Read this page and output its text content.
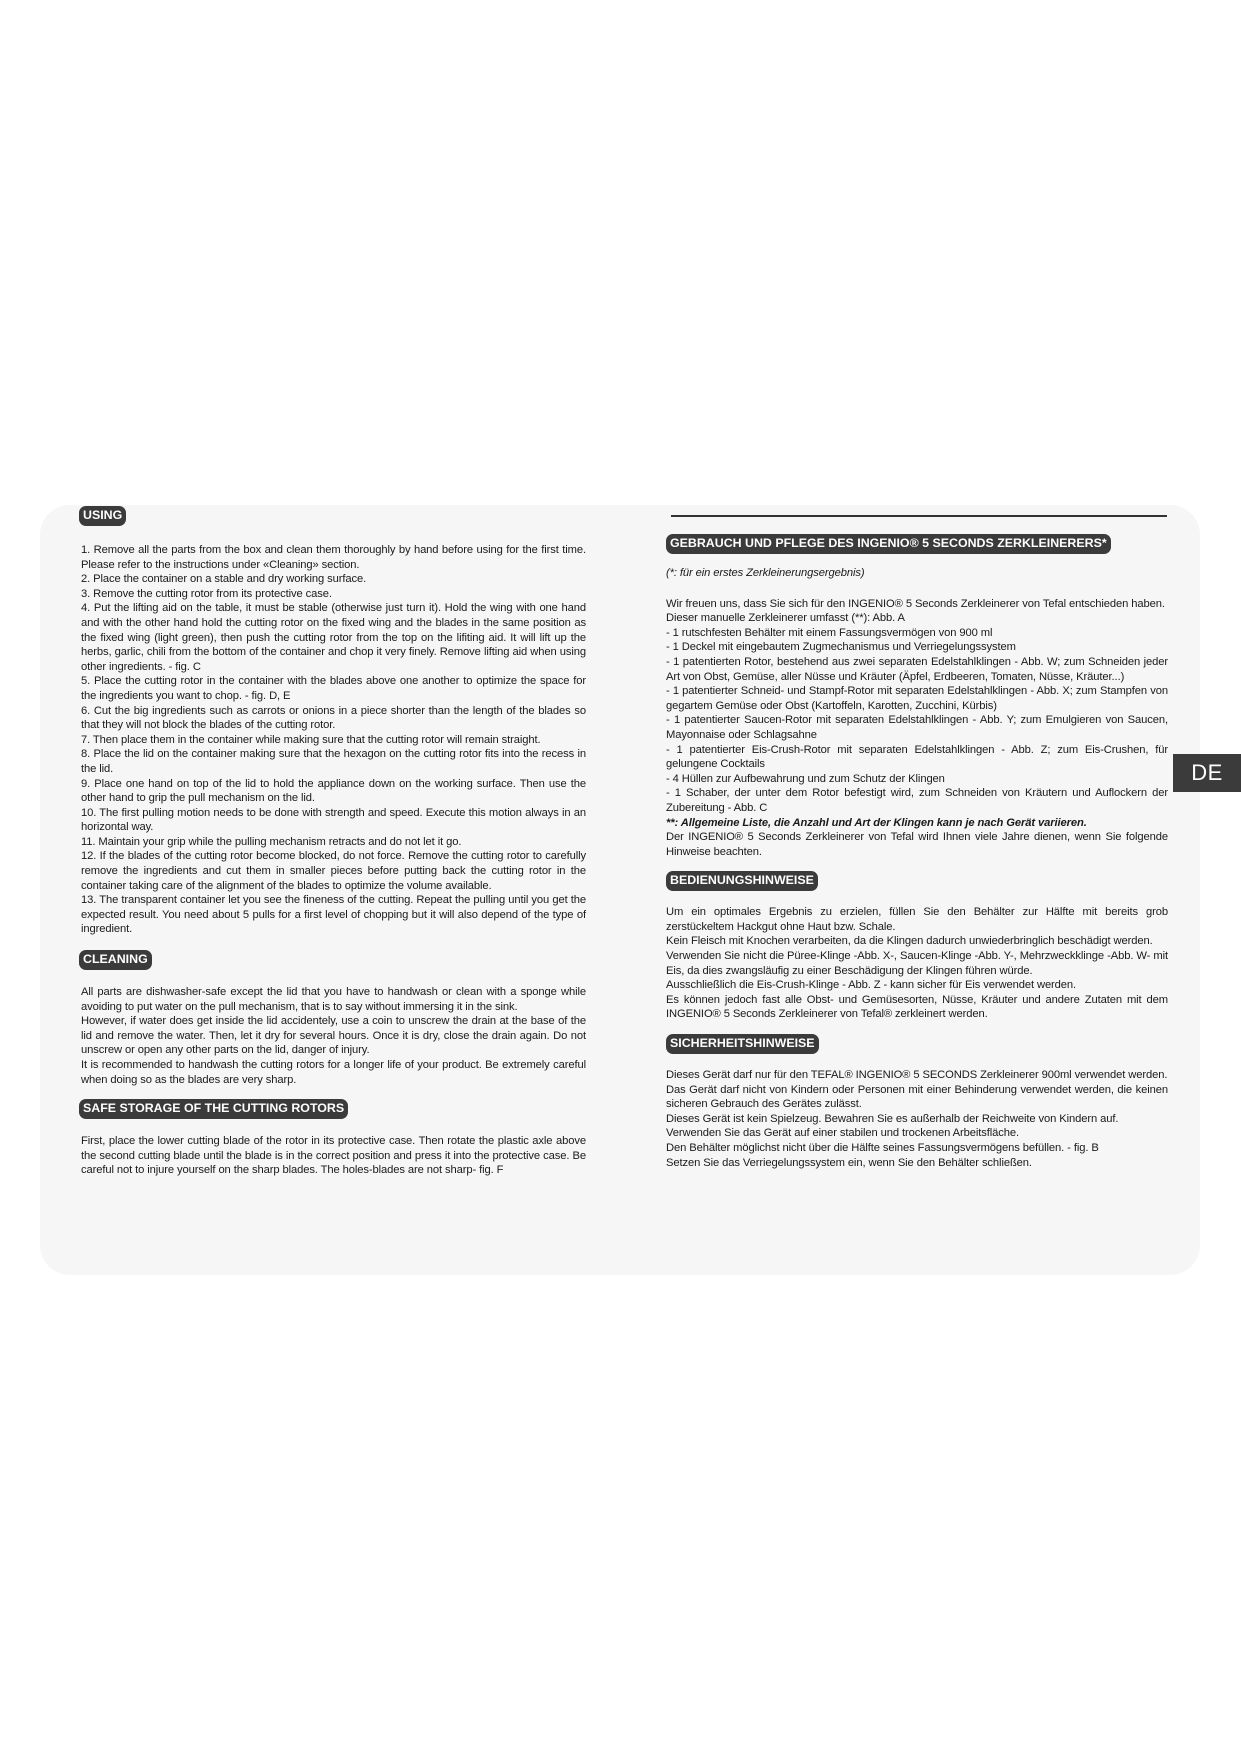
USING

1. Remove all the parts from the box and clean them thoroughly by hand before using for the first time. Please refer to the instructions under «Cleaning» section.

2. Place the container on a stable and dry working surface.

3. Remove the cutting rotor from its protective case.

4. Put the lifting aid on the table, it must be stable (otherwise just turn it). Hold the wing with one hand and with the other hand hold the cutting rotor on the fixed wing and the blades in the same position as the fixed wing (light green), then push the cutting rotor from the top on the lifiting aid. It will lift up the herbs, garlic, chili from the bottom of the container and chop it very finely. Remove lifting aid when using other ingredients. - fig. C

5. Place the cutting rotor in the container with the blades above one another to optimize the space for the ingredients you want to chop. - fig. D, E

6. Cut the big ingredients such as carrots or onions in a piece shorter than the length of the blades so that they will not block the blades of the cutting rotor.

7. Then place them in the container while making sure that the cutting rotor will remain straight.

8. Place the lid on the container making sure that the hexagon on the cutting rotor fits into the recess in the lid.

9. Place one hand on top of the lid to hold the appliance down on the working surface. Then use the other hand to grip the pull mechanism on the lid.

10. The first pulling motion needs to be done with strength and speed. Execute this motion always in an horizontal way.

11. Maintain your grip while the pulling mechanism retracts and do not let it go.

12. If the blades of the cutting rotor become blocked, do not force. Remove the cutting rotor to carefully remove the ingredients and cut them in smaller pieces before putting back the cutting rotor in the container taking care of the alignment of the blades to optimize the volume available.

13. The transparent container let you see the fineness of the cutting. Repeat the pulling until you get the expected result. You need about 5 pulls for a first level of chopping but it will also depend of the type of ingredient.

CLEANING

All parts are dishwasher-safe except the lid that you have to handwash or clean with a sponge while avoiding to put water on the pull mechanism, that is to say without immersing it in the sink.

However, if water does get inside the lid accidentely, use a coin to unscrew the drain at the base of the lid and remove the water. Then, let it dry for several hours. Once it is dry, close the drain again. Do not unscrew or open any other parts on the lid, danger of injury.

It is recommended to handwash the cutting rotors for a longer life of your product. Be extremely careful when doing so as the blades are very sharp.

SAFE STORAGE OF THE CUTTING ROTORS

First, place the lower cutting blade of the rotor in its protective case. Then rotate the plastic axle above the second cutting blade until the blade is in the correct position and press it into the protective case. Be careful not to injure yourself on the sharp blades. The holes-blades are not sharp- fig. F

GEBRAUCH UND PFLEGE DES INGENIO® 5 SECONDS ZERKLEINERERS*

(*: für ein erstes Zerkleinerungsergebnis)

Wir freuen uns, dass Sie sich für den INGENIO® 5 Seconds Zerkleinerer von Tefal entschieden haben.

Dieser manuelle Zerkleinerer umfasst (**): Abb. A

- 1 rutschfesten Behälter mit einem Fassungsvermögen von 900 ml

- 1 Deckel mit eingebautem Zugmechanismus und Verriegelungssystem

- 1 patentierten Rotor, bestehend aus zwei separaten Edelstahlklingen - Abb. W; zum Schneiden jeder Art von Obst, Gemüse, aller Nüsse und Kräuter (Äpfel, Erdbeeren, Tomaten, Nüsse, Kräuter...)

- 1 patentierter Schneid- und Stampf-Rotor mit separaten Edelstahlklingen - Abb. X; zum Stampfen von gegartem Gemüse oder Obst (Kartoffeln, Karotten, Zucchini, Kürbis)

- 1 patentierter Saucen-Rotor mit separaten Edelstahlklingen - Abb. Y; zum Emulgieren von Saucen, Mayonnaise oder Schlagsahne

- 1 patentierter Eis-Crush-Rotor mit separaten Edelstahlklingen - Abb. Z; zum Eis-Crushen, für gelungene Cocktails

- 4 Hüllen zur Aufbewahrung und zum Schutz der Klingen

- 1 Schaber, der unter dem Rotor befestigt wird, zum Schneiden von Kräutern und Auflockern der Zubereitung - Abb. C

**: Allgemeine Liste, die Anzahl und Art der Klingen kann je nach Gerät variieren.

Der INGENIO® 5 Seconds Zerkleinerer von Tefal wird Ihnen viele Jahre dienen, wenn Sie folgende Hinweise beachten.

BEDIENUNGSHINWEISE

Um ein optimales Ergebnis zu erzielen, füllen Sie den Behälter zur Hälfte mit bereits grob zerstückeltem Hackgut ohne Haut bzw. Schale.

Kein Fleisch mit Knochen verarbeiten, da die Klingen dadurch unwiederbringlich beschädigt werden.

Verwenden Sie nicht die Püree-Klinge -Abb. X-, Saucen-Klinge -Abb. Y-, Mehrzweckklinge -Abb. W- mit Eis, da dies zwangsläufig zu einer Beschädigung der Klingen führen würde.

Ausschließlich die Eis-Crush-Klinge - Abb. Z - kann sicher für Eis verwendet werden.

Es können jedoch fast alle Obst- und Gemüsesorten, Nüsse, Kräuter und andere Zutaten mit dem INGENIO® 5 Seconds Zerkleinerer von Tefal® zerkleinert werden.

SICHERHEITSHINWEISE

Dieses Gerät darf nur für den TEFAL® INGENIO® 5 SECONDS Zerkleinerer 900ml verwendet werden.

Das Gerät darf nicht von Kindern oder Personen mit einer Behinderung verwendet werden, die keinen sicheren Gebrauch des Gerätes zulässt.

Dieses Gerät ist kein Spielzeug. Bewahren Sie es außerhalb der Reichweite von Kindern auf.

Verwenden Sie das Gerät auf einer stabilen und trockenen Arbeitsfläche.

Den Behälter möglichst nicht über die Hälfte seines Fassungsvermögens befüllen. - fig. B

Setzen Sie das Verriegelungssystem ein, wenn Sie den Behälter schließen.

DE
